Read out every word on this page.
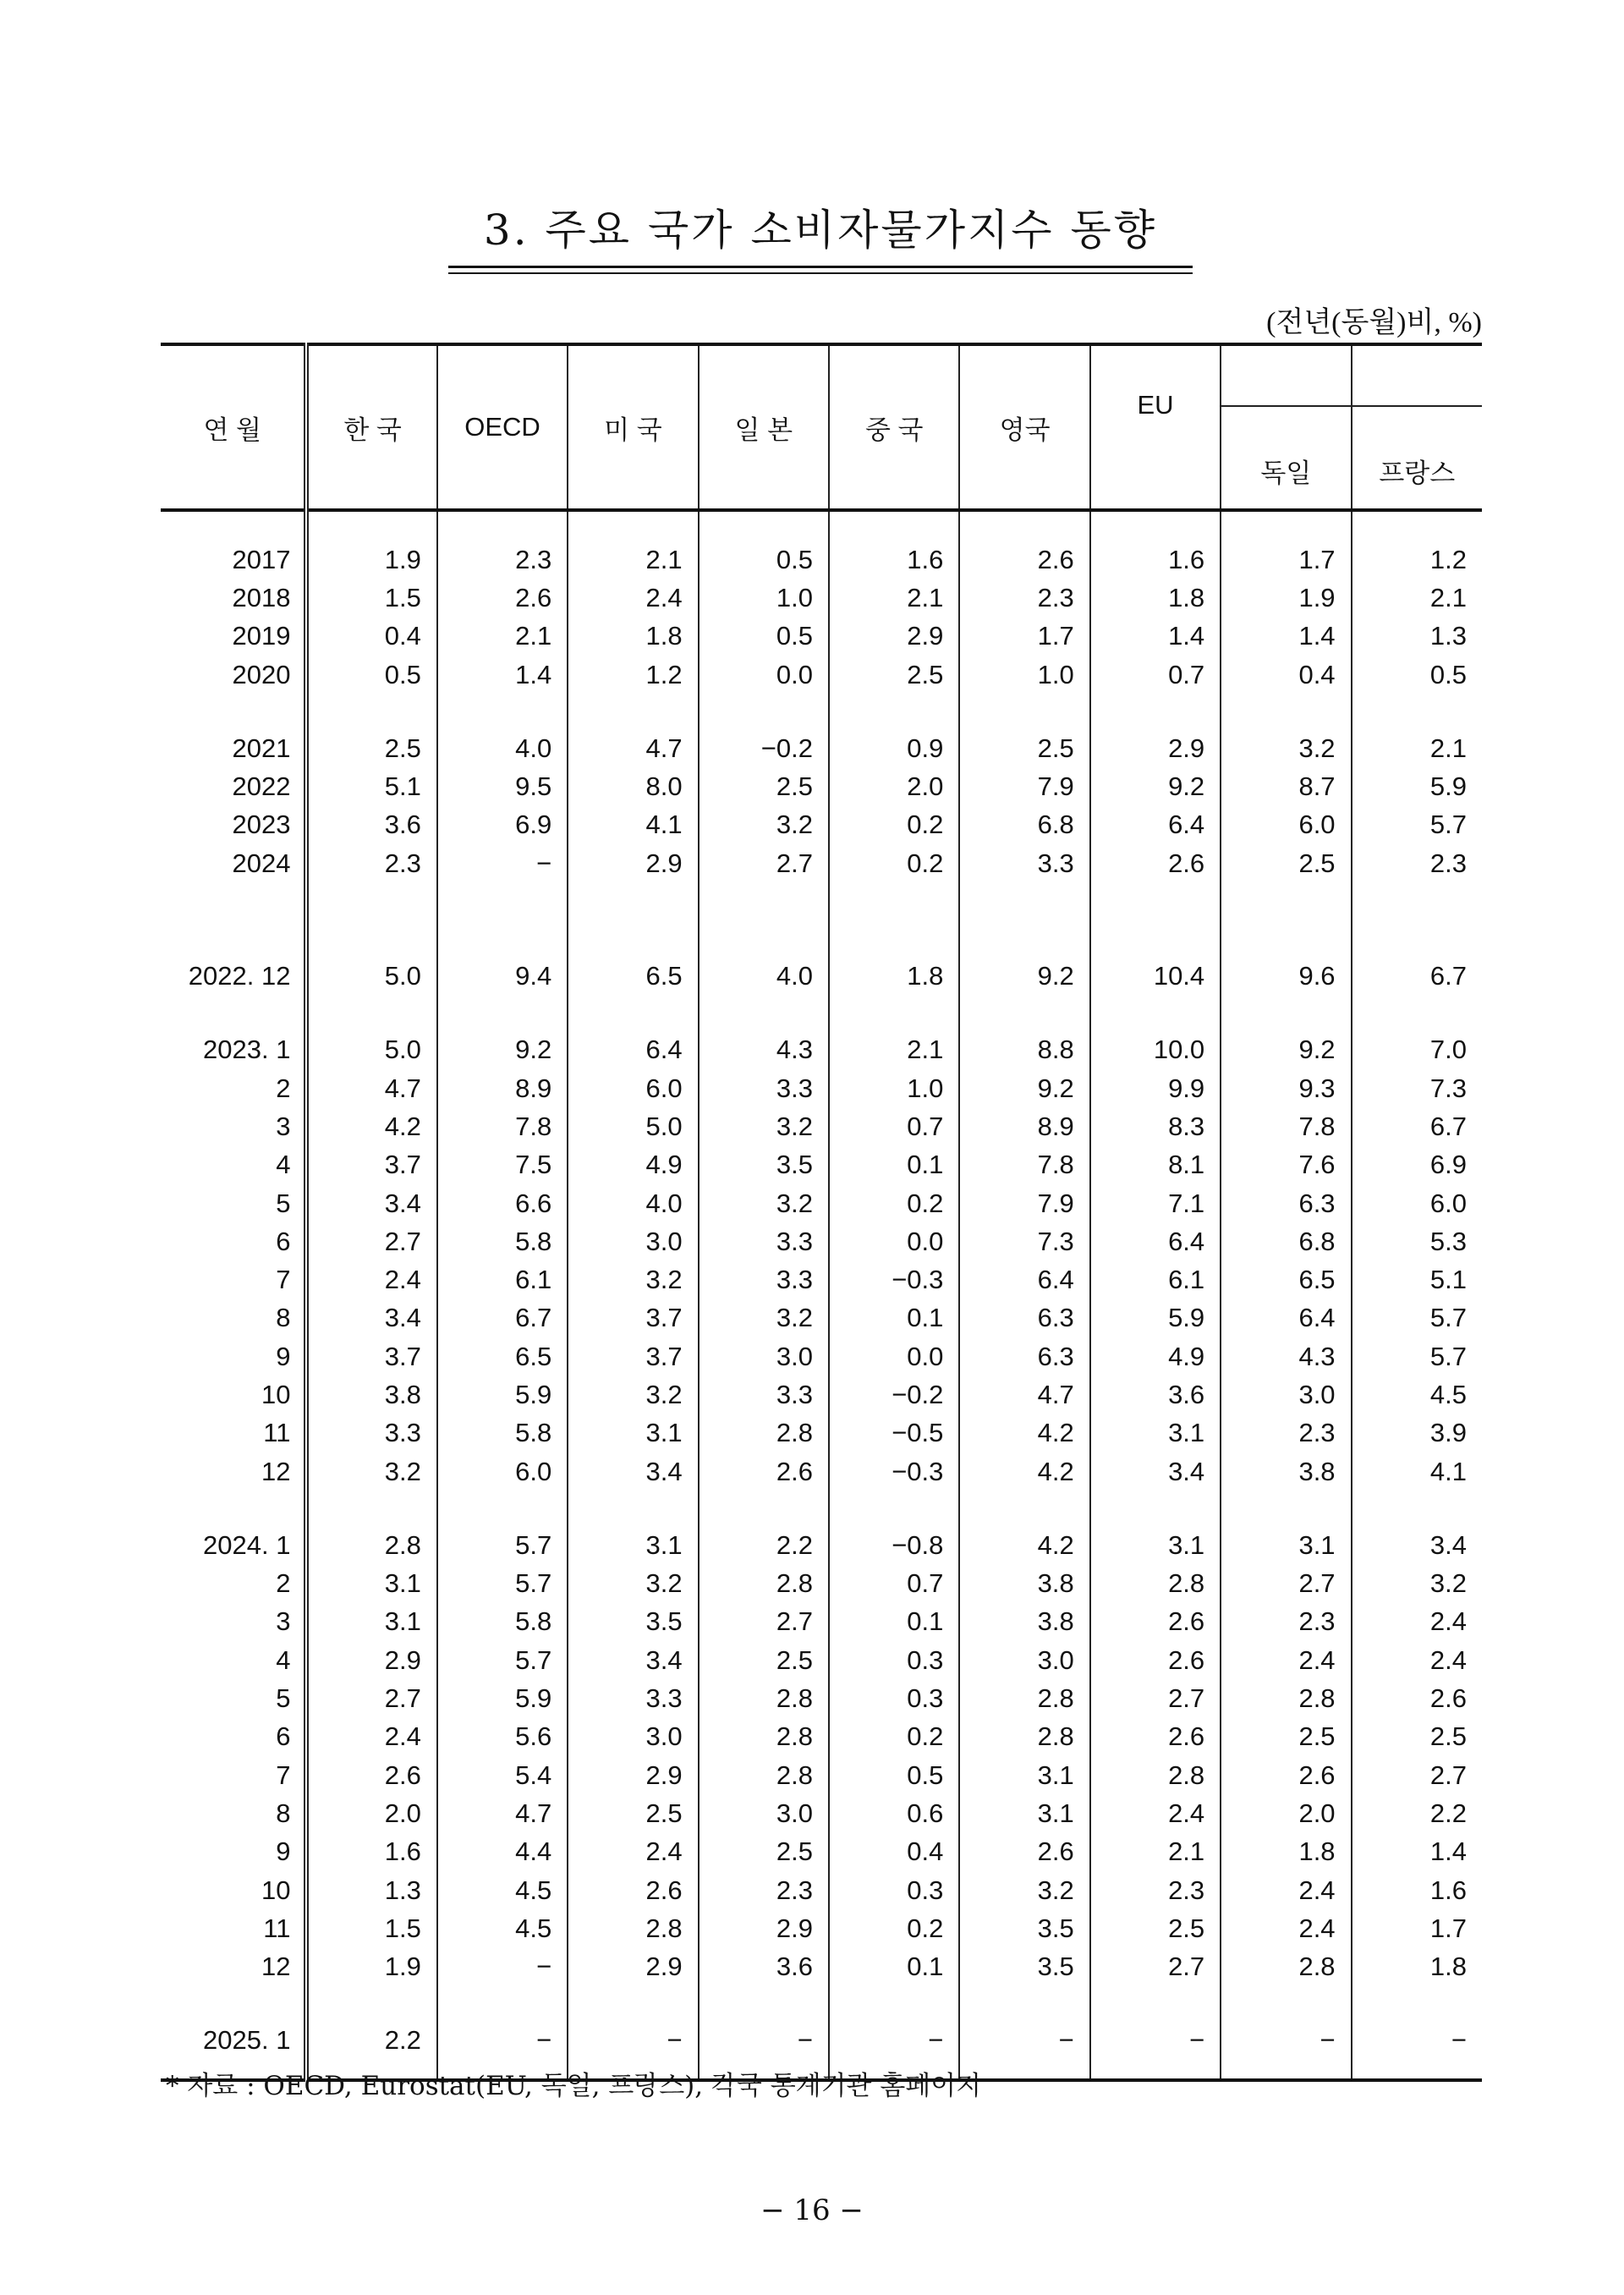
3. 주요 국가 소비자물가지수 동향
(전년(동월)비, %)
연 월	한 국	OECD	미 국	일 본	중 국	영국	EU	독일	프랑스
2017	1.9	2.3	2.1	0.5	1.6	2.6	1.6	1.7	1.2
2018	1.5	2.6	2.4	1.0	2.1	2.3	1.8	1.9	2.1
2019	0.4	2.1	1.8	0.5	2.9	1.7	1.4	1.4	1.3
2020	0.5	1.4	1.2	0.0	2.5	1.0	0.7	0.4	0.5

2021	2.5	4.0	4.7	−0.2	0.9	2.5	2.9	3.2	2.1
2022	5.1	9.5	8.0	2.5	2.0	7.9	9.2	8.7	5.9
2023	3.6	6.9	4.1	3.2	0.2	6.8	6.4	6.0	5.7
2024	2.3	−	2.9	2.7	0.2	3.3	2.6	2.5	2.3

2022. 12	5.0	9.4	6.5	4.0	1.8	9.2	10.4	9.6	6.7

2023. 1	5.0	9.2	6.4	4.3	2.1	8.8	10.0	9.2	7.0
2	4.7	8.9	6.0	3.3	1.0	9.2	9.9	9.3	7.3
3	4.2	7.8	5.0	3.2	0.7	8.9	8.3	7.8	6.7
4	3.7	7.5	4.9	3.5	0.1	7.8	8.1	7.6	6.9
5	3.4	6.6	4.0	3.2	0.2	7.9	7.1	6.3	6.0
6	2.7	5.8	3.0	3.3	0.0	7.3	6.4	6.8	5.3
7	2.4	6.1	3.2	3.3	−0.3	6.4	6.1	6.5	5.1
8	3.4	6.7	3.7	3.2	0.1	6.3	5.9	6.4	5.7
9	3.7	6.5	3.7	3.0	0.0	6.3	4.9	4.3	5.7
10	3.8	5.9	3.2	3.3	−0.2	4.7	3.6	3.0	4.5
11	3.3	5.8	3.1	2.8	−0.5	4.2	3.1	2.3	3.9
12	3.2	6.0	3.4	2.6	−0.3	4.2	3.4	3.8	4.1

2024. 1	2.8	5.7	3.1	2.2	−0.8	4.2	3.1	3.1	3.4
2	3.1	5.7	3.2	2.8	0.7	3.8	2.8	2.7	3.2
3	3.1	5.8	3.5	2.7	0.1	3.8	2.6	2.3	2.4
4	2.9	5.7	3.4	2.5	0.3	3.0	2.6	2.4	2.4
5	2.7	5.9	3.3	2.8	0.3	2.8	2.7	2.8	2.6
6	2.4	5.6	3.0	2.8	0.2	2.8	2.6	2.5	2.5
7	2.6	5.4	2.9	2.8	0.5	3.1	2.8	2.6	2.7
8	2.0	4.7	2.5	3.0	0.6	3.1	2.4	2.0	2.2
9	1.6	4.4	2.4	2.5	0.4	2.6	2.1	1.8	1.4
10	1.3	4.5	2.6	2.3	0.3	3.2	2.3	2.4	1.6
11	1.5	4.5	2.8	2.9	0.2	3.5	2.5	2.4	1.7
12	1.9	−	2.9	3.6	0.1	3.5	2.7	2.8	1.8

2025. 1	2.2	−	−	−	−	−	−	−	−
* 자료 : OECD, Eurostat(EU, 독일, 프랑스), 각국 통계기관 홈페이지
− 16 −
